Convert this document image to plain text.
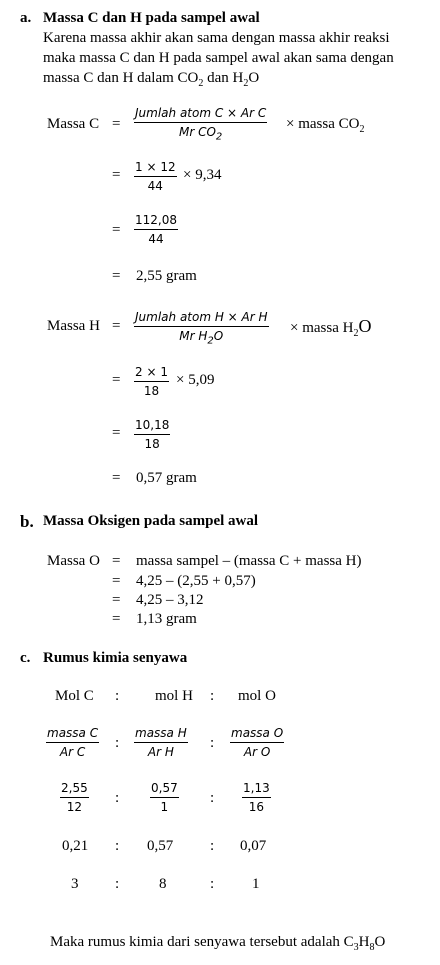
a. Massa C dan H pada sampel awal
Karena massa akhir akan sama dengan massa akhir reaksi
maka massa C dan H pada sampel awal akan sama dengan
massa C dan H dalam $CO_2$ dan $H_2O$
Massa C =
Jumlah atom C × Ar C
Mr $CO_2$
× massa $CO_2$
= 1 × 12
44
× 9,34
=
112,08
44
= 2,55 gram
Massa H =
Jumlah atom H × Ar H
Mr $H_2O$	× massa $H_2O$
= 2 × 1
18
× 5,09
= 10,18
18
= 0,57 gram
b. Massa Oksigen pada sampel awal
Massa O = massa sampel – (massa C + massa H)
= 4,25 – (2,55 + 0,57)
= 4,25 – 3,12
= 1,13 gram
c. Rumus kimia senyawa
Mol C : mol H : mol O
massa C
Ar C
:
massa H
Ar H
:
massa O
Ar O
2,55
12
:
0,57
1
:
1,13
16
0,21 : 0,57 : 0,07
3 :	8	:	1
Maka rumus kimia dari senyawa tersebut adalah $C_3H_8O$
